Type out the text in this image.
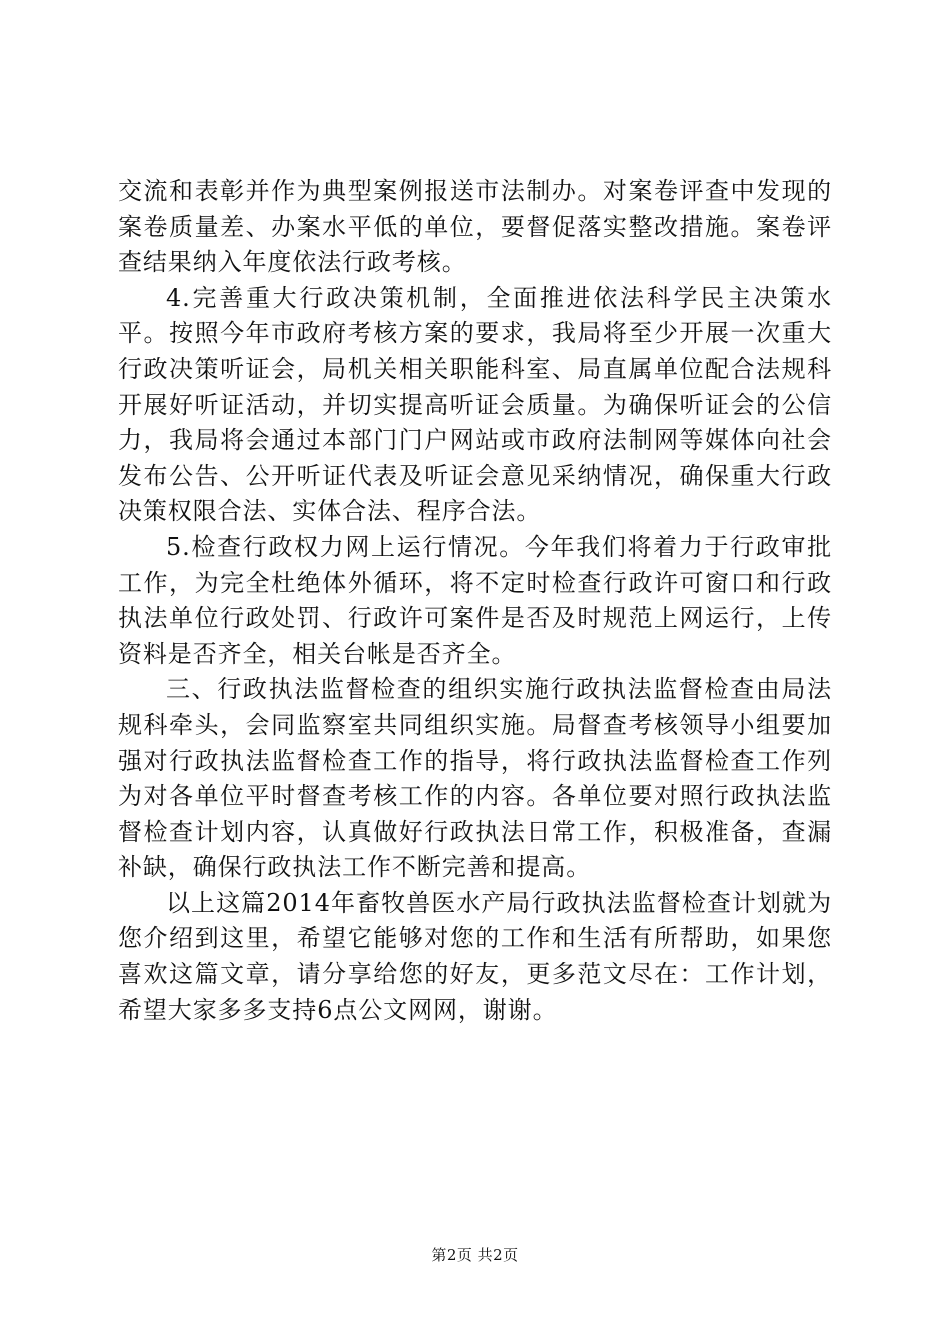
交流和表彰并作为典型案例报送市法制办。对案卷评查中发现的案卷质量差、办案水平低的单位，要督促落实整改措施。案卷评查结果纳入年度依法行政考核。

4.完善重大行政决策机制，全面推进依法科学民主决策水平。按照今年市政府考核方案的要求，我局将至少开展一次重大行政决策听证会，局机关相关职能科室、局直属单位配合法规科开展好听证活动，并切实提高听证会质量。为确保听证会的公信力，我局将会通过本部门门户网站或市政府法制网等媒体向社会发布公告、公开听证代表及听证会意见采纳情况，确保重大行政决策权限合法、实体合法、程序合法。

5.检查行政权力网上运行情况。今年我们将着力于行政审批工作，为完全杜绝体外循环，将不定时检查行政许可窗口和行政执法单位行政处罚、行政许可案件是否及时规范上网运行，上传资料是否齐全，相关台帐是否齐全。

三、行政执法监督检查的组织实施行政执法监督检查由局法规科牵头，会同监察室共同组织实施。局督查考核领导小组要加强对行政执法监督检查工作的指导，将行政执法监督检查工作列为对各单位平时督查考核工作的内容。各单位要对照行政执法监督检查计划内容，认真做好行政执法日常工作，积极准备，查漏补缺，确保行政执法工作不断完善和提高。

以上这篇2014年畜牧兽医水产局行政执法监督检查计划就为您介绍到这里，希望它能够对您的工作和生活有所帮助，如果您喜欢这篇文章，请分享给您的好友，更多范文尽在：工作计划，希望大家多多支持6点公文网网，谢谢。

第2页 共2页
